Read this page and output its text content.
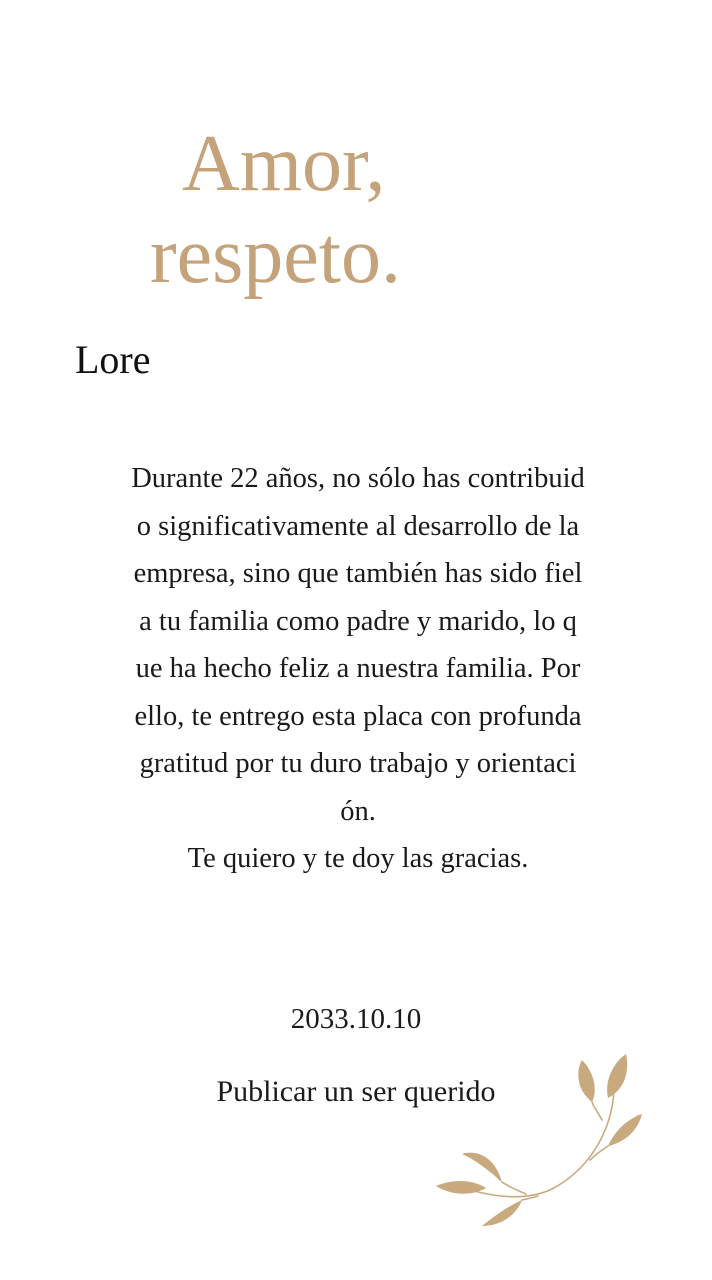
Amor,
respeto.
Lore
Durante 22 años, no sólo has contribuid
o significativamente al desarrollo de la
empresa, sino que también has sido fiel
a tu familia como padre y marido, lo q
ue ha hecho feliz a nuestra familia. Por
ello, te entrego esta placa con profunda
gratitud por tu duro trabajo y orientaci
ón.
Te quiero y te doy las gracias.
2033.10.10
Publicar un ser querido
